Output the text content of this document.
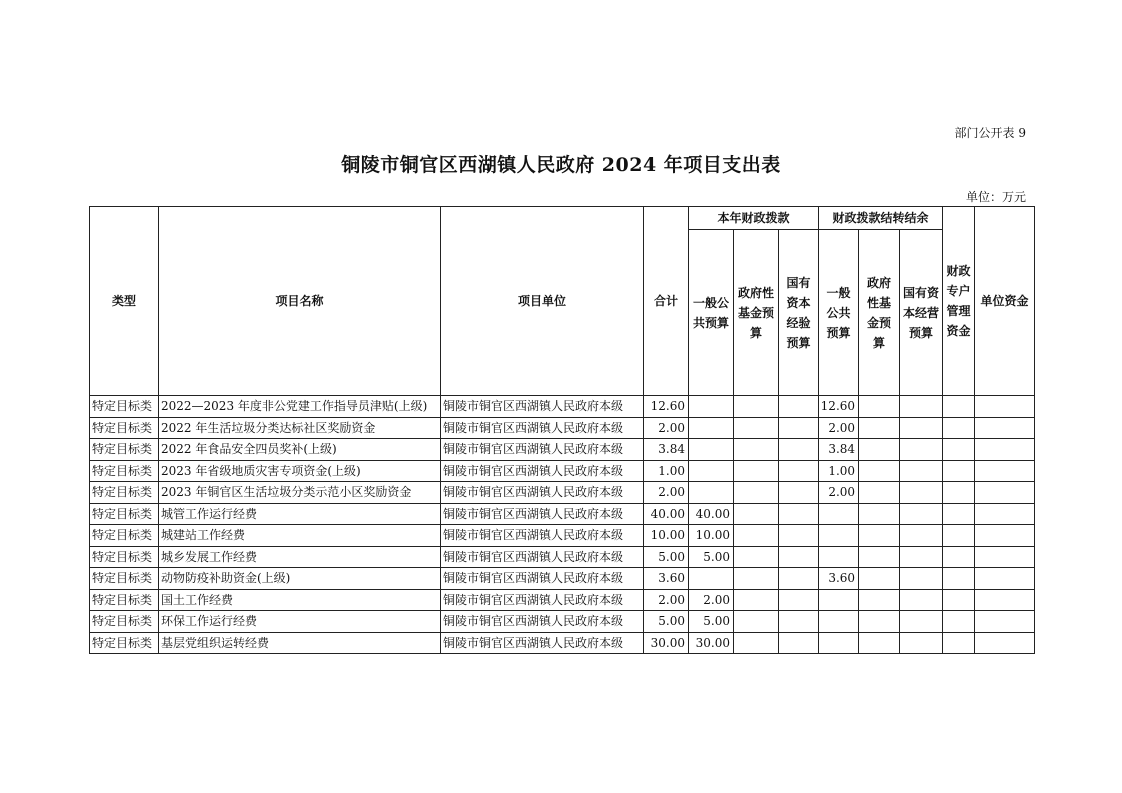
部门公开表 9
铜陵市铜官区西湖镇人民政府 2024 年项目支出表
单位：万元
类型	项目名称	项目单位	合计	本年财政拨款			财政拨款结转结余			财政专户管理资金	单位资金
				一般公共预算	政府性基金预算	国有资本经验预算	一般公共预算	政府性基金预算	国有资本经营预算		
特定目标类	2022—2023 年度非公党建工作指导员津贴(上级)	铜陵市铜官区西湖镇人民政府本级	12.60				12.60				
特定目标类	2022 年生活垃圾分类达标社区奖励资金	铜陵市铜官区西湖镇人民政府本级	2.00				2.00				
特定目标类	2022 年食品安全四员奖补(上级)	铜陵市铜官区西湖镇人民政府本级	3.84				3.84				
特定目标类	2023 年省级地质灾害专项资金(上级)	铜陵市铜官区西湖镇人民政府本级	1.00				1.00				
特定目标类	2023 年铜官区生活垃圾分类示范小区奖励资金	铜陵市铜官区西湖镇人民政府本级	2.00				2.00				
特定目标类	城管工作运行经费	铜陵市铜官区西湖镇人民政府本级	40.00	40.00							
特定目标类	城建站工作经费	铜陵市铜官区西湖镇人民政府本级	10.00	10.00							
特定目标类	城乡发展工作经费	铜陵市铜官区西湖镇人民政府本级	5.00	5.00							
特定目标类	动物防疫补助资金(上级)	铜陵市铜官区西湖镇人民政府本级	3.60				3.60				
特定目标类	国土工作经费	铜陵市铜官区西湖镇人民政府本级	2.00	2.00							
特定目标类	环保工作运行经费	铜陵市铜官区西湖镇人民政府本级	5.00	5.00							
特定目标类	基层党组织运转经费	铜陵市铜官区西湖镇人民政府本级	30.00	30.00							
